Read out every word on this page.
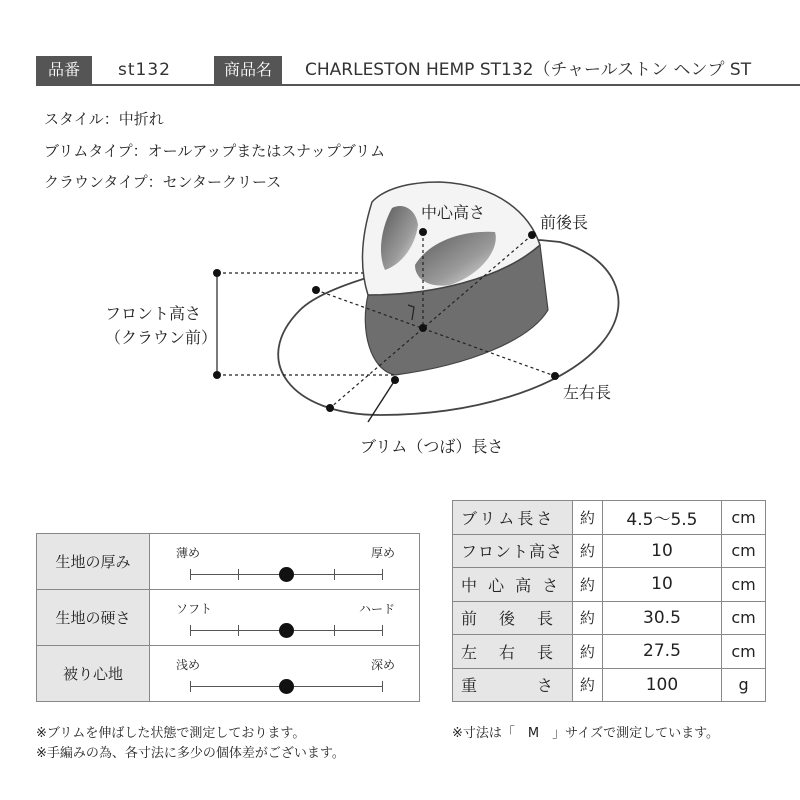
品番	st132	商品名	CHARLESTON HEMP ST132（チャールストン ヘンプ ST
スタイル：中折れ
ブリムタイプ：オールアップまたはスナップブリム
クラウンタイプ：センタークリース
中心高さ
前後長
フロント高さ
（クラウン前）
左右長
ブリム（つば）長さ
生地の厚み	薄め 厚め

生地の硬さ	ソフト ハード

被り心地	浅め 深め
ブリム長さ	約	4.5〜5.5	cm
フロント高さ	約	10	cm
中 心 高 さ	約	10	cm
前　後　長	約	30.5	cm
左　右　長	約	27.5	cm
重　　　さ	約	100	g
※ブリムを伸ばした状態で測定しております。
※手編みの為、各寸法に多少の個体差がございます。
※寸法は「　M　」サイズで測定しています。
